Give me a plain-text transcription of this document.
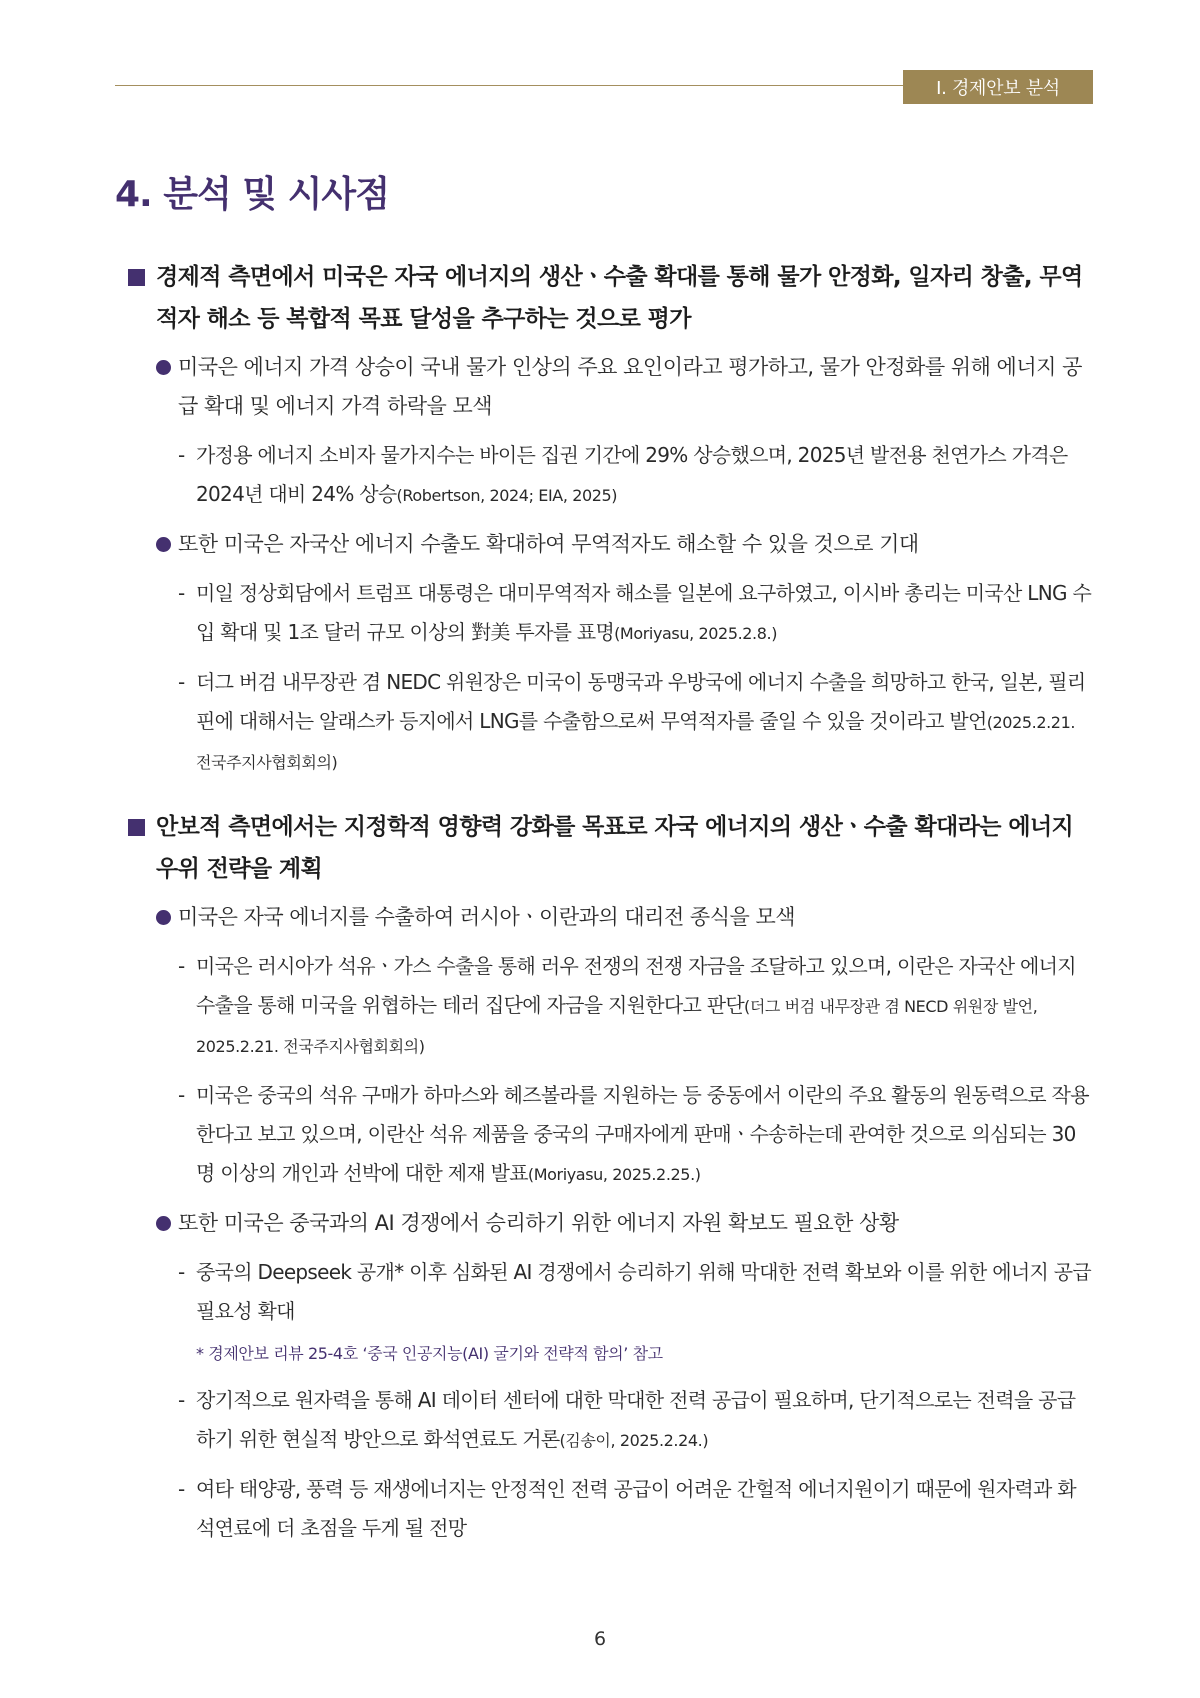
Ⅰ. 경제안보 분석
4. 분석 및 시사점
경제적 측면에서 미국은 자국 에너지의 생산ㆍ수출 확대를 통해 물가 안정화, 일자리 창출, 무역적자 해소 등 복합적 목표 달성을 추구하는 것으로 평가
미국은 에너지 가격 상승이 국내 물가 인상의 주요 요인이라고 평가하고, 물가 안정화를 위해 에너지 공급 확대 및 에너지 가격 하락을 모색
- 가정용 에너지 소비자 물가지수는 바이든 집권 기간에 29% 상승했으며, 2025년 발전용 천연가스 가격은 2024년 대비 24% 상승(Robertson, 2024; EIA, 2025)
또한 미국은 자국산 에너지 수출도 확대하여 무역적자도 해소할 수 있을 것으로 기대
- 미일 정상회담에서 트럼프 대통령은 대미무역적자 해소를 일본에 요구하였고, 이시바 총리는 미국산 LNG 수입 확대 및 1조 달러 규모 이상의 對美 투자를 표명(Moriyasu, 2025.2.8.)
- 더그 버검 내무장관 겸 NEDC 위원장은 미국이 동맹국과 우방국에 에너지 수출을 희망하고 한국, 일본, 필리핀에 대해서는 알래스카 등지에서 LNG를 수출함으로써 무역적자를 줄일 수 있을 것이라고 발언(2025.2.21. 전국주지사협회회의)
안보적 측면에서는 지정학적 영향력 강화를 목표로 자국 에너지의 생산ㆍ수출 확대라는 에너지 우위 전략을 계획
미국은 자국 에너지를 수출하여 러시아ㆍ이란과의 대리전 종식을 모색
- 미국은 러시아가 석유ㆍ가스 수출을 통해 러우 전쟁의 전쟁 자금을 조달하고 있으며, 이란은 자국산 에너지 수출을 통해 미국을 위협하는 테러 집단에 자금을 지원한다고 판단(더그 버검 내무장관 겸 NECD 위원장 발언, 2025.2.21. 전국주지사협회회의)
- 미국은 중국의 석유 구매가 하마스와 헤즈볼라를 지원하는 등 중동에서 이란의 주요 활동의 원동력으로 작용한다고 보고 있으며, 이란산 석유 제품을 중국의 구매자에게 판매ㆍ수송하는데 관여한 것으로 의심되는 30명 이상의 개인과 선박에 대한 제재 발표(Moriyasu, 2025.2.25.)
또한 미국은 중국과의 AI 경쟁에서 승리하기 위한 에너지 자원 확보도 필요한 상황
- 중국의 Deepseek 공개* 이후 심화된 AI 경쟁에서 승리하기 위해 막대한 전력 확보와 이를 위한 에너지 공급 필요성 확대
* 경제안보 리뷰 25-4호 ‘중국 인공지능(AI) 굴기와 전략적 함의’ 참고
- 장기적으로 원자력을 통해 AI 데이터 센터에 대한 막대한 전력 공급이 필요하며, 단기적으로는 전력을 공급하기 위한 현실적 방안으로 화석연료도 거론(김송이, 2025.2.24.)
- 여타 태양광, 풍력 등 재생에너지는 안정적인 전력 공급이 어려운 간헐적 에너지원이기 때문에 원자력과 화석연료에 더 초점을 두게 될 전망
6
